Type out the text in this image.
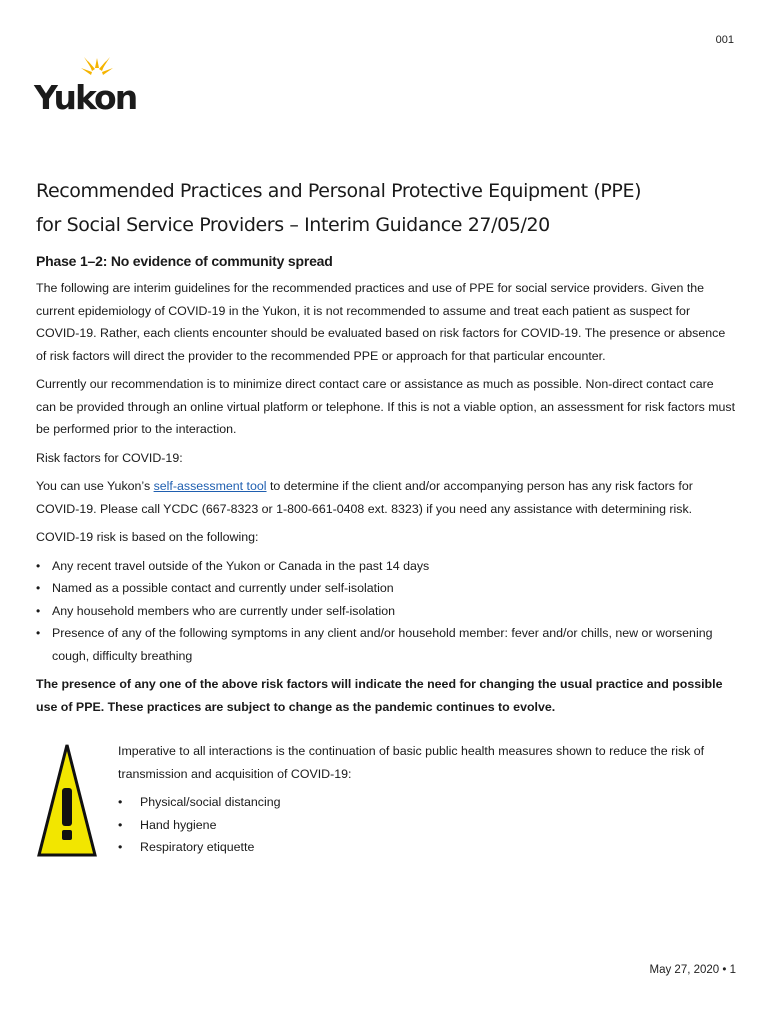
001
Yukon
Recommended Practices and Personal Protective Equipment (PPE)
for Social Service Providers – Interim Guidance 27/05/20
Phase 1–2: No evidence of community spread

The following are interim guidelines for the recommended practices and use of PPE for social service providers. Given the current epidemiology of COVID-19 in the Yukon, it is not recommended to assume and treat each patient as suspect for COVID-19. Rather, each clients encounter should be evaluated based on risk factors for COVID-19. The presence or absence of risk factors will direct the provider to the recommended PPE or approach for that particular encounter.

Currently our recommendation is to minimize direct contact care or assistance as much as possible. Non-direct contact care can be provided through an online virtual platform or telephone. If this is not a viable option, an assessment for risk factors must be performed prior to the interaction.

Risk factors for COVID-19:

You can use Yukon’s self-assessment tool to determine if the client and/or accompanying person has any risk factors for COVID-19. Please call YCDC (667-8323 or 1-800-661-0408 ext. 8323) if you need any assistance with determining risk.

COVID-19 risk is based on the following:

• Any recent travel outside of the Yukon or Canada in the past 14 days
• Named as a possible contact and currently under self-isolation
• Any household members who are currently under self-isolation
• Presence of any of the following symptoms in any client and/or household member: fever and/or chills, new or worsening cough, difficulty breathing

The presence of any one of the above risk factors will indicate the need for changing the usual practice and possible use of PPE. These practices are subject to change as the pandemic continues to evolve.

Imperative to all interactions is the continuation of basic public health measures shown to reduce the risk of transmission and acquisition of COVID-19:

• Physical/social distancing
• Hand hygiene
• Respiratory etiquette
May 27, 2020 • 1
